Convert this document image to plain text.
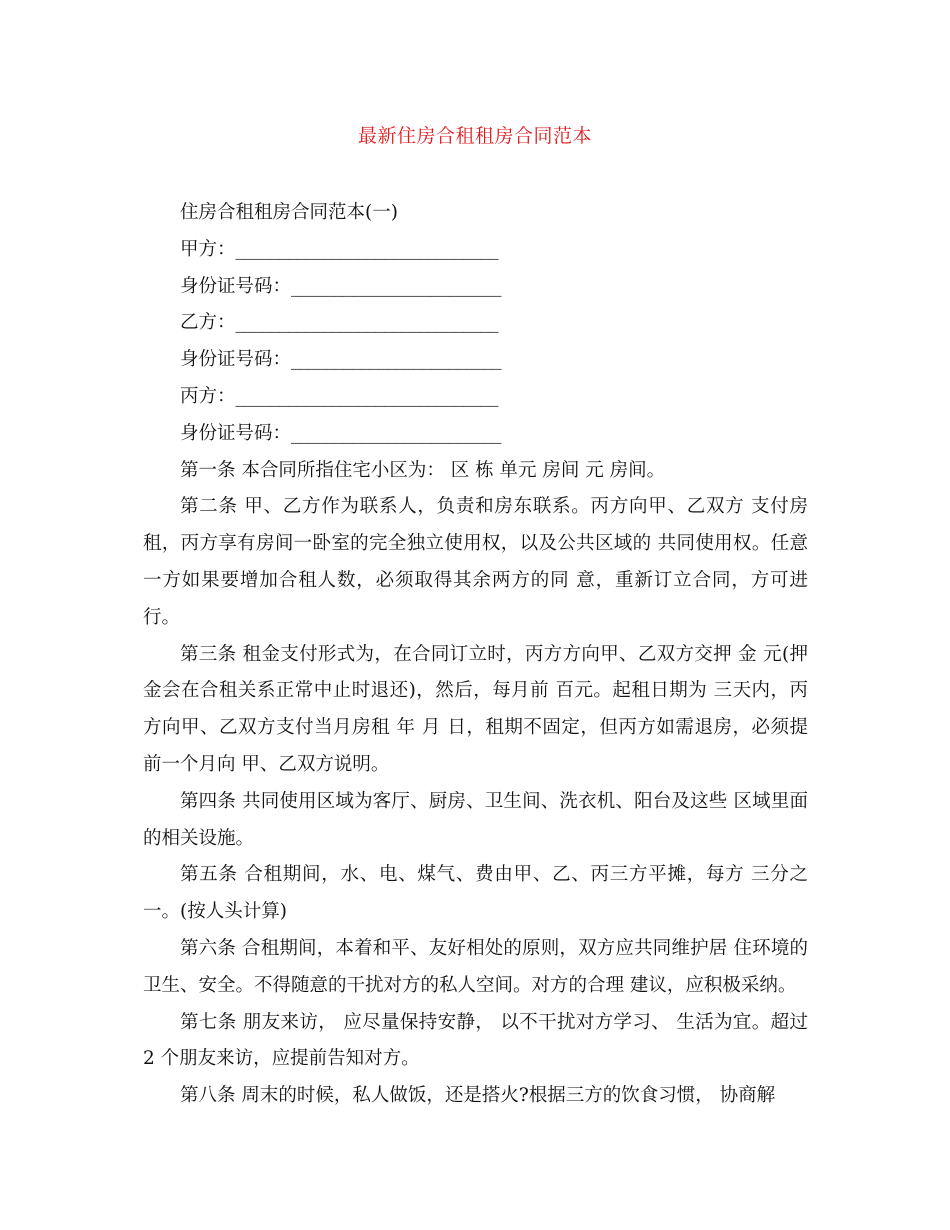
最新住房合租租房合同范本
住房合租租房合同范本(一)
甲方：______________________________
身份证号码：________________________
乙方：______________________________
身份证号码：________________________
丙方：______________________________
身份证号码：________________________
第一条 本合同所指住宅小区为： 区 栋 单元 房间 元 房间。
第二条 甲、乙方作为联系人，负责和房东联系。丙方向甲、乙双方 支付房租，丙方享有房间一卧室的完全独立使用权，以及公共区域的 共同使用权。任意一方如果要增加合租人数，必须取得其余两方的同 意，重新订立合同，方可进行。
第三条 租金支付形式为，在合同订立时，丙方方向甲、乙双方交押 金 元(押金会在合租关系正常中止时退还)，然后，每月前 百元。起租日期为 三天内，丙方向甲、乙双方支付当月房租 年 月 日，租期不固定，但丙方如需退房，必须提前一个月向 甲、乙双方说明。
第四条 共同使用区域为客厅、厨房、卫生间、洗衣机、阳台及这些 区域里面的相关设施。
第五条 合租期间，水、电、煤气、费由甲、乙、丙三方平摊，每方 三分之一。(按人头计算)
第六条 合租期间，本着和平、友好相处的原则，双方应共同维护居 住环境的卫生、安全。不得随意的干扰对方的私人空间。对方的合理 建议，应积极采纳。
第七条 朋友来访， 应尽量保持安静， 以不干扰对方学习、 生活为宜。超过 2 个朋友来访，应提前告知对方。
第八条 周末的时候，私人做饭，还是搭火?根据三方的饮食习惯， 协商解
